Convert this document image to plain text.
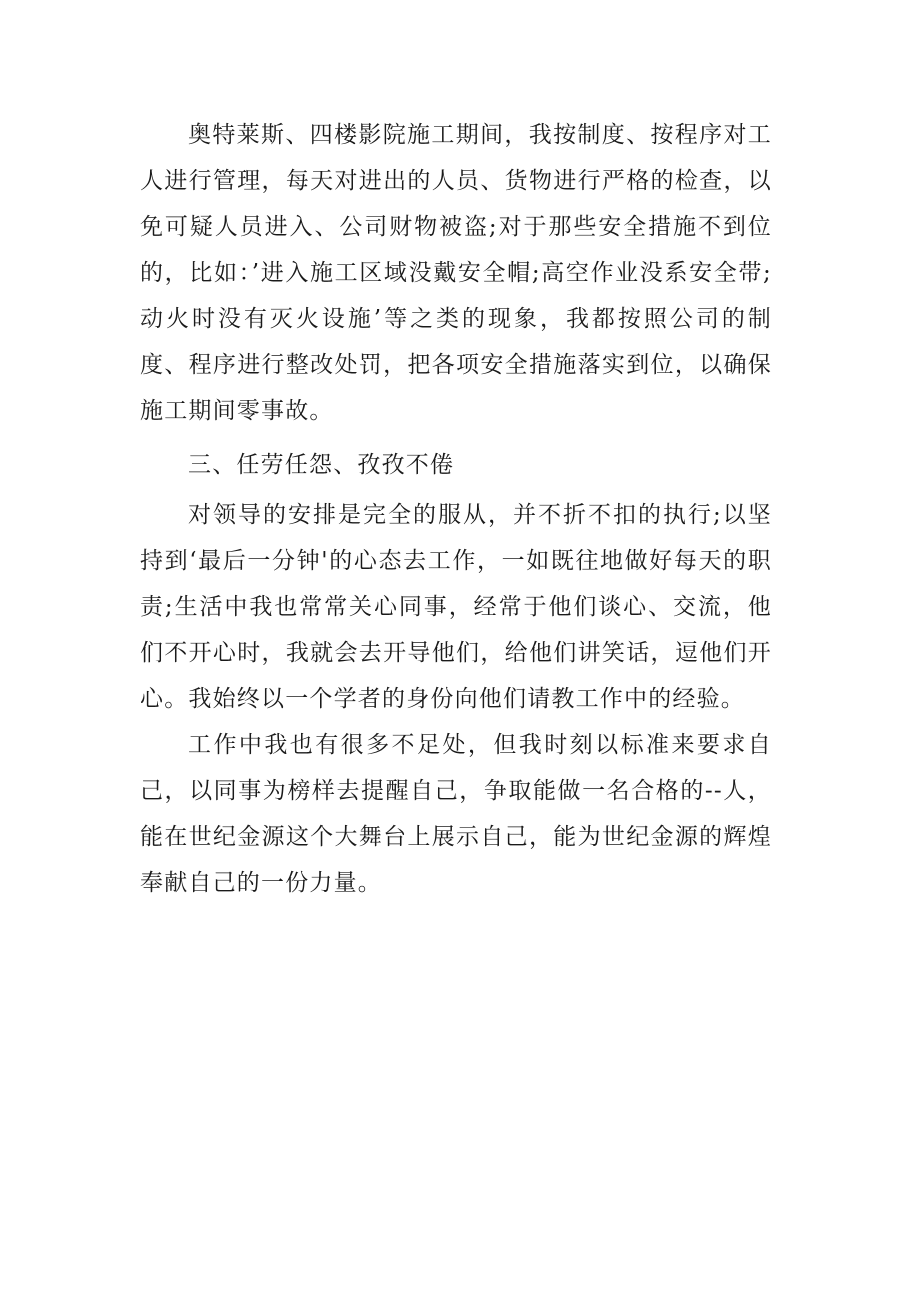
奥特莱斯、四楼影院施工期间，我按制度、按程序对工人进行管理，每天对进出的人员、货物进行严格的检查，以免可疑人员进入、公司财物被盗;对于那些安全措施不到位的，比如：’进入施工区域没戴安全帽;高空作业没系安全带;动火时没有灭火设施’等之类的现象，我都按照公司的制度、程序进行整改处罚，把各项安全措施落实到位，以确保施工期间零事故。

三、任劳任怨、孜孜不倦

对领导的安排是完全的服从，并不折不扣的执行;以坚持到‘最后一分钟'的心态去工作，一如既往地做好每天的职责;生活中我也常常关心同事，经常于他们谈心、交流，他们不开心时，我就会去开导他们，给他们讲笑话，逗他们开心。我始终以一个学者的身份向他们请教工作中的经验。

工作中我也有很多不足处，但我时刻以标准来要求自己，以同事为榜样去提醒自己，争取能做一名合格的--人，能在世纪金源这个大舞台上展示自己，能为世纪金源的辉煌奉献自己的一份力量。
